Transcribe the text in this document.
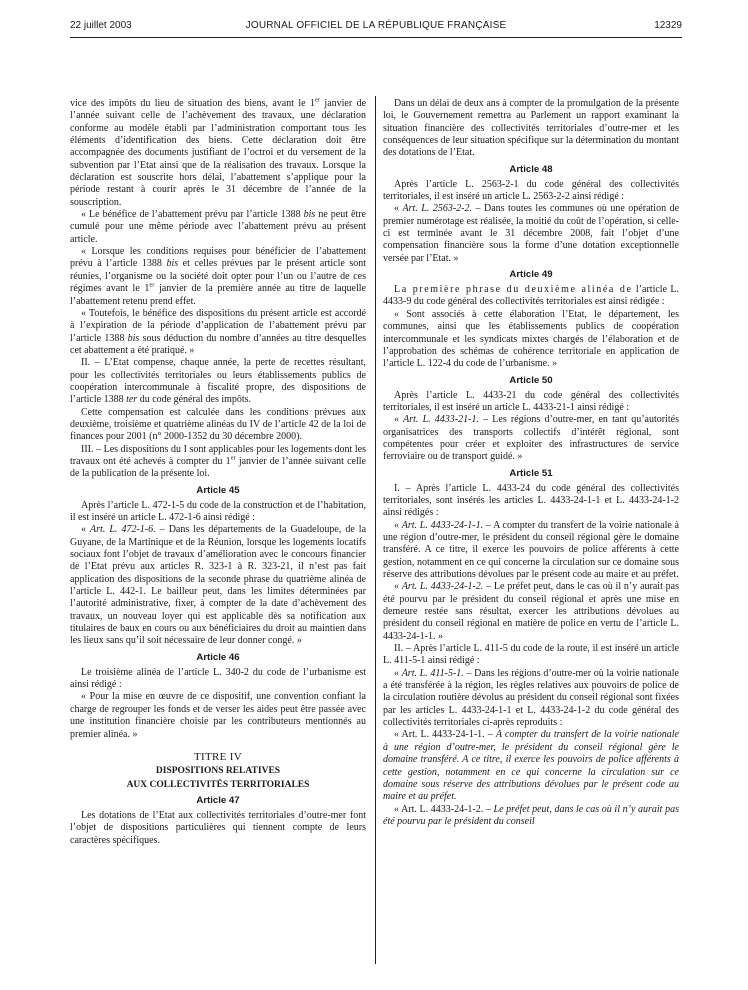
22 juillet 2003	JOURNAL OFFICIEL DE LA RÉPUBLIQUE FRANÇAISE	12329

vice des impôts du lieu de situation des biens, avant le 1er janvier de l’année suivant celle de l’achèvement des travaux, une déclaration conforme au modèle établi par l’administration comportant tous les éléments d’identification des biens. Cette déclaration doit être accompagnée des documents justifiant de l’octroi et du versement de la subvention par l’Etat ainsi que de la réalisation des travaux. Lorsque la déclaration est souscrite hors délai, l’abattement s’applique pour la période restant à courir après le 31 décembre de l’année de la souscription.

« Le bénéfice de l’abattement prévu par l’article 1388 bis ne peut être cumulé pour une même période avec l’abattement prévu au présent article.

« Lorsque les conditions requises pour bénéficier de l’abattement prévu à l’article 1388 bis et celles prévues par le présent article sont réunies, l’organisme ou la société doit opter pour l’un ou l’autre de ces régimes avant le 1er janvier de la première année au titre de laquelle l’abattement retenu prend effet.

« Toutefois, le bénéfice des dispositions du présent article est accordé à l’expiration de la période d’application de l’abattement prévu par l’article 1388 bis sous déduction du nombre d’années au titre desquelles cet abattement a été pratiqué. »

II. – L’Etat compense, chaque année, la perte de recettes résultant, pour les collectivités territoriales ou leurs établissements publics de coopération intercommunale à fiscalité propre, des dispositions de l’article 1388 ter du code général des impôts.

Cette compensation est calculée dans les conditions prévues aux deuxième, troisième et quatrième alinéas du IV de l’article 42 de la loi de finances pour 2001 (n° 2000-1352 du 30 décembre 2000).

III. – Les dispositions du I sont applicables pour les logements dont les travaux ont été achevés à compter du 1er janvier de l’année suivant celle de la publication de la présente loi.

Article 45

Après l’article L. 472-1-5 du code de la construction et de l’habitation, il est inséré un article L. 472-1-6 ainsi rédigé :

« Art. L. 472-1-6. – Dans les départements de la Guadeloupe, de la Guyane, de la Martinique et de la Réunion, lorsque les logements locatifs sociaux font l’objet de travaux d’amélioration avec le concours financier de l’Etat prévu aux articles R. 323-1 à R. 323-21, il n’est pas fait application des dispositions de la seconde phrase du quatrième alinéa de l’article L. 442-1. Le bailleur peut, dans les limites déterminées par l’autorité administrative, fixer, à compter de la date d’achèvement des travaux, un nouveau loyer qui est applicable dès sa notification aux titulaires de baux en cours ou aux bénéficiaires du droit au maintien dans les lieux sans qu’il soit nécessaire de leur donner congé. »

Article 46

Le troisième alinéa de l’article L. 340-2 du code de l’urbanisme est ainsi rédigé :

« Pour la mise en œuvre de ce dispositif, une convention confiant la charge de regrouper les fonds et de verser les aides peut être passée avec une institution financière choisie par les contributeurs mentionnés au premier alinéa. »

TITRE IV
DISPOSITIONS RELATIVES
AUX COLLECTIVITÉS TERRITORIALES
Article 47

Les dotations de l’Etat aux collectivités territoriales d’outre-mer font l’objet de dispositions particulières qui tiennent compte de leurs caractères spécifiques.

Dans un délai de deux ans à compter de la promulgation de la présente loi, le Gouvernement remettra au Parlement un rapport examinant la situation financière des collectivités territoriales d’outre-mer et les conséquences de leur situation spécifique sur la détermination du montant des dotations de l’Etat.

Article 48

Après l’article L. 2563-2-1 du code général des collectivités territoriales, il est inséré un article L. 2563-2-2 ainsi rédigé :

« Art. L. 2563-2-2. – Dans toutes les communes où une opération de premier numérotage est réalisée, la moitié du coût de l’opération, si celle-ci est terminée avant le 31 décembre 2008, fait l’objet d’une compensation financière sous la forme d’une dotation exceptionnelle versée par l’Etat. »

Article 49

La première phrase du deuxième alinéa de l’article L. 4433-9 du code général des collectivités territoriales est ainsi rédigée :

« Sont associés à cette élaboration l’Etat, le département, les communes, ainsi que les établissements publics de coopération intercommunale et les syndicats mixtes chargés de l’élaboration et de l’approbation des schémas de cohérence territoriale en application de l’article L. 122-4 du code de l’urbanisme. »

Article 50

Après l’article L. 4433-21 du code général des collectivités territoriales, il est inséré un article L. 4433-21-1 ainsi rédigé :

« Art. L. 4433-21-1. – Les régions d’outre-mer, en tant qu’autorités organisatrices des transports collectifs d’intérêt régional, sont compétentes pour créer et exploiter des infrastructures de service ferroviaire ou de transport guidé. »

Article 51

I. – Après l’article L. 4433-24 du code général des collectivités territoriales, sont insérés les articles L. 4433-24-1-1 et L. 4433-24-1-2 ainsi rédigés :

« Art. L. 4433-24-1-1. – A compter du transfert de la voirie nationale à une région d’outre-mer, le président du conseil régional gère le domaine transféré. A ce titre, il exerce les pouvoirs de police afférents à cette gestion, notamment en ce qui concerne la circulation sur ce domaine sous réserve des attributions dévolues par le présent code au maire et au préfet.

« Art. L. 4433-24-1-2. – Le préfet peut, dans le cas où il n’y aurait pas été pourvu par le président du conseil régional et après une mise en demeure restée sans résultat, exercer les attributions dévolues au président du conseil régional en matière de police en vertu de l’article L. 4433-24-1-1. »

II. – Après l’article L. 411-5 du code de la route, il est inséré un article L. 411-5-1 ainsi rédigé :

« Art. L. 411-5-1. – Dans les régions d’outre-mer où la voirie nationale a été transférée à la région, les règles relatives aux pouvoirs de police de la circulation routière dévolus au président du conseil régional sont fixées par les articles L. 4433-24-1-1 et L. 4433-24-1-2 du code général des collectivités territoriales ci-après reproduits :

« Art. L. 4433-24-1-1. – A compter du transfert de la voirie nationale à une région d’outre-mer, le président du conseil régional gère le domaine transféré. A ce titre, il exerce les pouvoirs de police afférents à cette gestion, notamment en ce qui concerne la circulation sur ce domaine sous réserve des attributions dévolues par le présent code au maire et au préfet.

« Art. L. 4433-24-1-2. – Le préfet peut, dans le cas où il n’y aurait pas été pourvu par le président du conseil
